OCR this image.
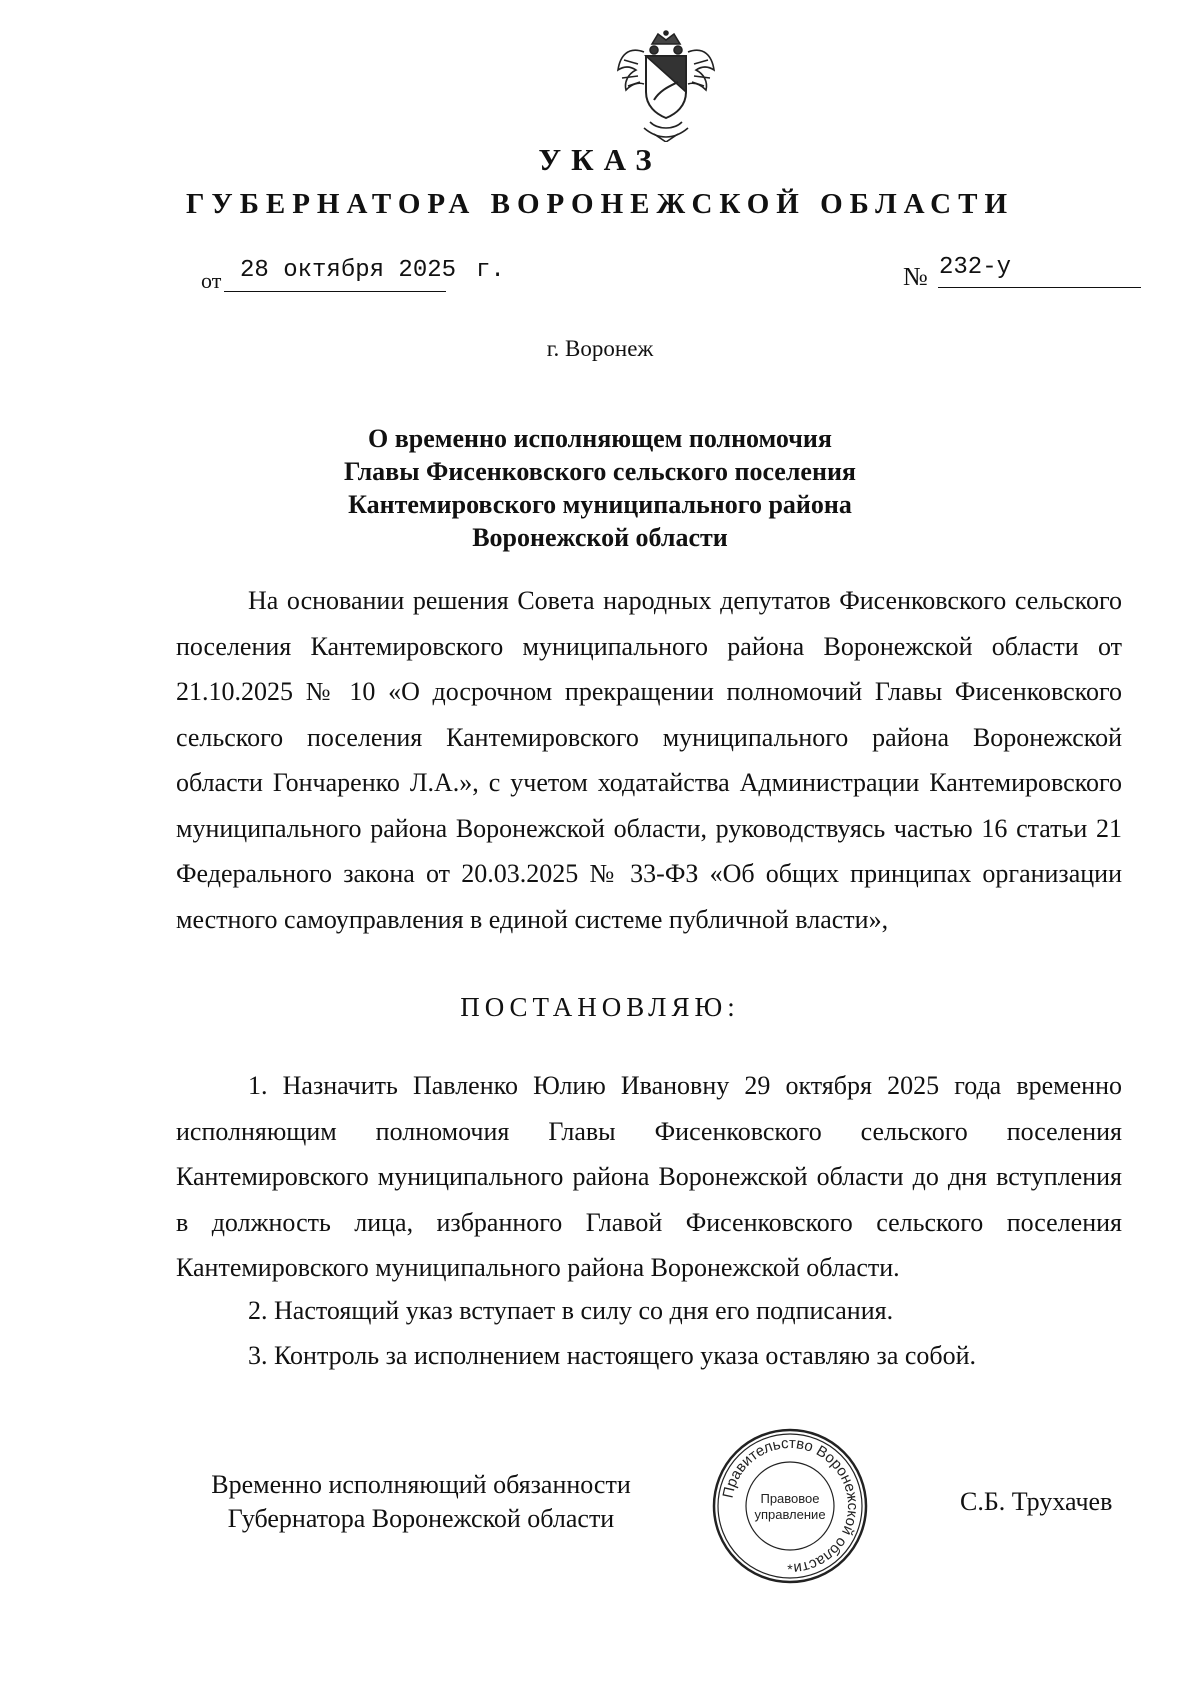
УКАЗ
ГУБЕРНАТОРА ВОРОНЕЖСКОЙ ОБЛАСТИ
от 28 октября 2025 г.	№ 232-у
г. Воронеж
О временно исполняющем полномочия
Главы Фисенковского сельского поселения
Кантемировского муниципального района
Воронежской области

На основании решения Совета народных депутатов Фисенковского сельского поселения Кантемировского муниципального района Воронежской области от 21.10.2025 № 10 «О досрочном прекращении полномочий Главы Фисенковского сельского поселения Кантемировского муниципального района Воронежской области Гончаренко Л.А.», с учетом ходатайства Администрации Кантемировского муниципального района Воронежской области, руководствуясь частью 16 статьи 21 Федерального закона от 20.03.2025 № 33-ФЗ «Об общих принципах организации местного самоуправления в единой системе публичной власти»,

ПОСТАНОВЛЯЮ:

1. Назначить Павленко Юлию Ивановну 29 октября 2025 года временно исполняющим полномочия Главы Фисенковского сельского поселения Кантемировского муниципального района Воронежской области до дня вступления в должность лица, избранного Главой Фисенковского сельского поселения Кантемировского муниципального района Воронежской области.

2. Настоящий указ вступает в силу со дня его подписания.

3. Контроль за исполнением настоящего указа оставляю за собой.

Временно исполняющий обязанности
Губернатора Воронежской области
Правительство Воронежской области
Правовое
управление
*
С.Б. Трухачев
